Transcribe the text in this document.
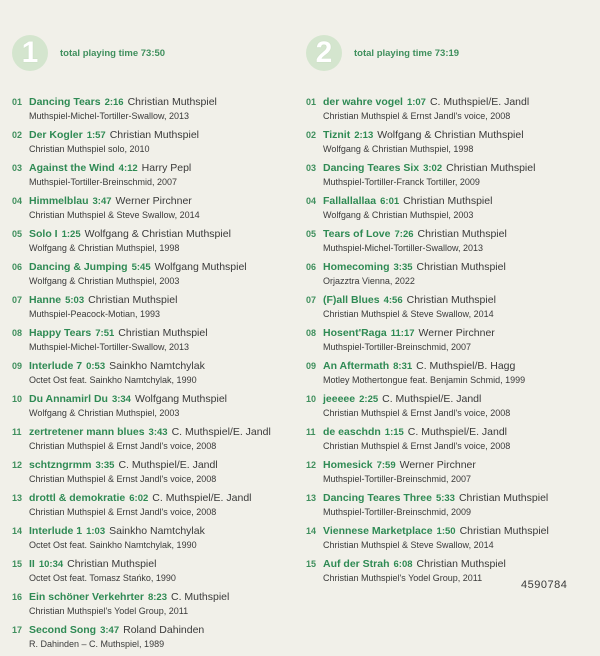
1	total playing time 73:50
01 Dancing Tears 2:16 Christian Muthspiel
Muthspiel-Michel-Tortiller-Swallow, 2013
02 Der Kogler 1:57 Christian Muthspiel
Christian Muthspiel solo, 2010
03 Against the Wind 4:12 Harry Pepl
Muthspiel-Tortiller-Breinschmid, 2007
04 Himmelblau 3:47 Werner Pirchner
Christian Muthspiel & Steve Swallow, 2014
05 Solo I 1:25 Wolfgang & Christian Muthspiel
Wolfgang & Christian Muthspiel, 1998
06 Dancing & Jumping 5:45 Wolfgang Muthspiel
Wolfgang & Christian Muthspiel, 2003
07 Hanne 5:03 Christian Muthspiel
Muthspiel-Peacock-Motian, 1993
08 Happy Tears 7:51 Christian Muthspiel
Muthspiel-Michel-Tortiller-Swallow, 2013
09 Interlude 7 0:53 Sainkho Namtchylak
Octet Ost feat. Sainkho Namtchylak, 1990
10 Du Annamirl Du 3:34 Wolfgang Muthspiel
Wolfgang & Christian Muthspiel, 2003
11 zertretener mann blues 3:43 C. Muthspiel/E. Jandl
Christian Muthspiel & Ernst Jandl's voice, 2008
12 schtzngrmm 3:35 C. Muthspiel/E. Jandl
Christian Muthspiel & Ernst Jandl's voice, 2008
13 drottl & demokratie 6:02 C. Muthspiel/E. Jandl
Christian Muthspiel & Ernst Jandl's voice, 2008
14 Interlude 1 1:03 Sainkho Namtchylak
Octet Ost feat. Sainkho Namtchylak, 1990
15 II 10:34 Christian Muthspiel
Octet Ost feat. Tomasz Stańko, 1990
16 Ein schöner Verkehrter 8:23 C. Muthspiel
Christian Muthspiel's Yodel Group, 2011
17 Second Song 3:47 Roland Dahinden
R. Dahinden – C. Muthspiel, 1989
2	total playing time 73:19
01 der wahre vogel 1:07 C. Muthspiel/E. Jandl
Christian Muthspiel & Ernst Jandl's voice, 2008
02 Tiznit 2:13 Wolfgang & Christian Muthspiel
Wolfgang & Christian Muthspiel, 1998
03 Dancing Teares Six 3:02 Christian Muthspiel
Muthspiel-Tortiller-Franck Tortiller, 2009
04 Fallallallaa 6:01 Christian Muthspiel
Wolfgang & Christian Muthspiel, 2003
05 Tears of Love 7:26 Christian Muthspiel
Muthspiel-Michel-Tortiller-Swallow, 2013
06 Homecoming 3:35 Christian Muthspiel
Orjazztra Vienna, 2022
07 (F)all Blues 4:56 Christian Muthspiel
Christian Muthspiel & Steve Swallow, 2014
08 Hosent'Raga 11:17 Werner Pirchner
Muthspiel-Tortiller-Breinschmid, 2007
09 An Aftermath 8:31 C. Muthspiel/B. Hagg
Motley Mothertongue feat. Benjamin Schmid, 1999
10 jeeeee 2:25 C. Muthspiel/E. Jandl
Christian Muthspiel & Ernst Jandl's voice, 2008
11 de easchdn 1:15 C. Muthspiel/E. Jandl
Christian Muthspiel & Ernst Jandl's voice, 2008
12 Homesick 7:59 Werner Pirchner
Muthspiel-Tortiller-Breinschmid, 2007
13 Dancing Teares Three 5:33 Christian Muthspiel
Muthspiel-Tortiller-Breinschmid, 2009
14 Viennese Marketplace 1:50 Christian Muthspiel
Christian Muthspiel & Steve Swallow, 2014
15 Auf der Strah 6:08 Christian Muthspiel
Christian Muthspiel's Yodel Group, 2011
4590784
